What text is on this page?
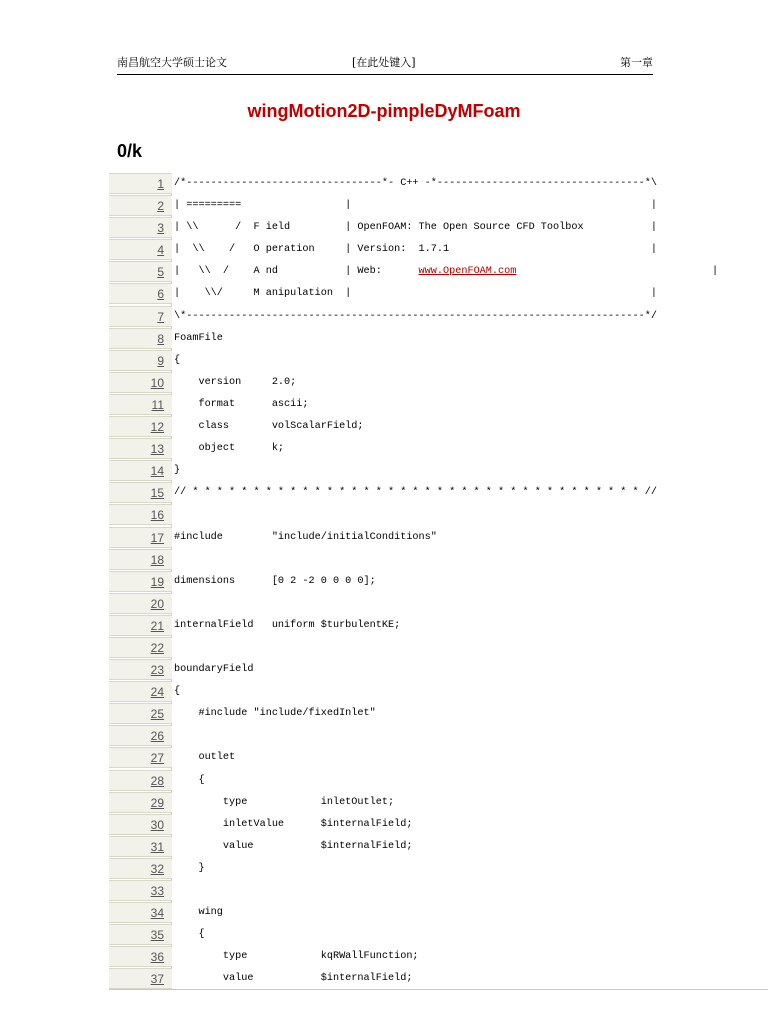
南昌航空大学硕士论文	[在此处键入]	第一章
wingMotion2D-pimpleDyMFoam
0/k
1 /*--------------------------------*- C++ -*----------------------------------*\
2 | =========                 |                                                 |
3 | \\      /  F ield         | OpenFOAM: The Open Source CFD Toolbox           |
4 |  \\    /   O peration     | Version:  1.7.1                                 |
5 |   \\  /    A nd           | Web:      www.OpenFOAM.com                                |
6 |    \\/     M anipulation  |                                                 |
7 \*---------------------------------------------------------------------------*/
8 FoamFile
9 {
10 version     2.0;
11 format      ascii;
12 class       volScalarField;
13 object      k;
14 }
15 // * * * * * * * * * * * * * * * * * * * * * * * * * * * * * * * * * * * * * //
16
17 #include        "include/initialConditions"
18
19 dimensions      [0 2 -2 0 0 0 0];
20
21 internalField   uniform $turbulentKE;
22
23 boundaryField
24 {
25 #include "include/fixedInlet"
26
27 outlet
28 {
29 type            inletOutlet;
30 inletValue      $internalField;
31 value           $internalField;
32 }
33
34 wing
35 {
36 type            kqRWallFunction;
37 value           $internalField;
